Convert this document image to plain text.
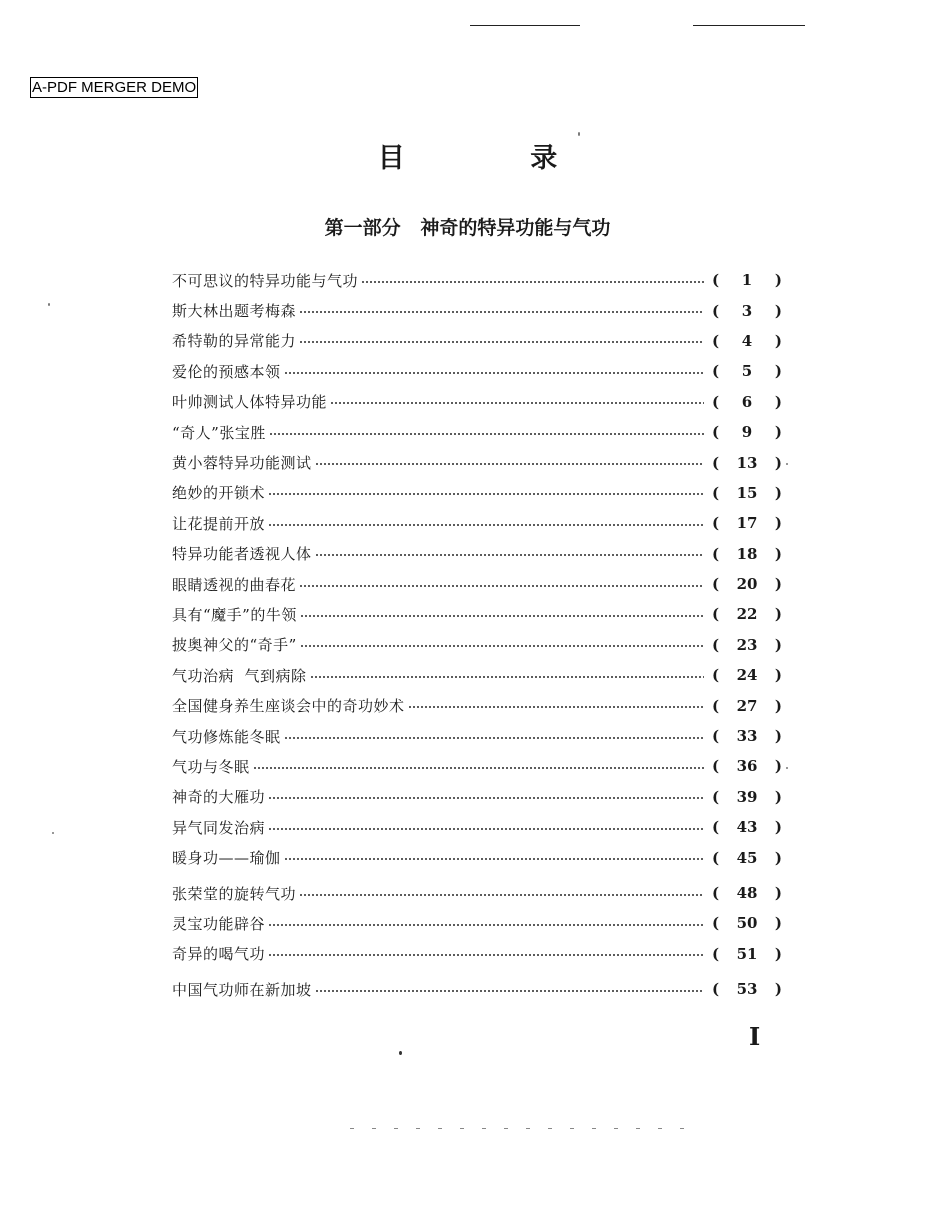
A-PDF MERGER DEMO
目 录
第一部分   神奇的特异功能与气功
不可思议的特异功能与气功	(	1	)
斯大林出题考梅森	(	3	)
希特勒的异常能力	(	4	)
爱伦的预感本领	(	5	)
叶帅测试人体特异功能	(	6	)
“奇人”张宝胜	(	9	)
黄小蓉特异功能测试	(	13	)
绝妙的开锁术	(	15	)
让花提前开放	(	17	)
特异功能者透视人体	(	18	)
眼睛透视的曲春花	(	20	)
具有“魔手”的牛领	(	22	)
披奥神父的“奇手”	(	23	)
气功治病  气到病除	(	24	)
全国健身养生座谈会中的奇功妙术	(	27	)
气功修炼能冬眠	(	33	)
气功与冬眠	(	36	)
神奇的大雁功	(	39	)
异气同发治病	(	43	)
暖身功——瑜伽	(	45	)
张荣堂的旋转气功	(	48	)
灵宝功能辟谷	(	50	)
奇异的喝气功	(	51	)
中国气功师在新加坡	(	53	)
I
